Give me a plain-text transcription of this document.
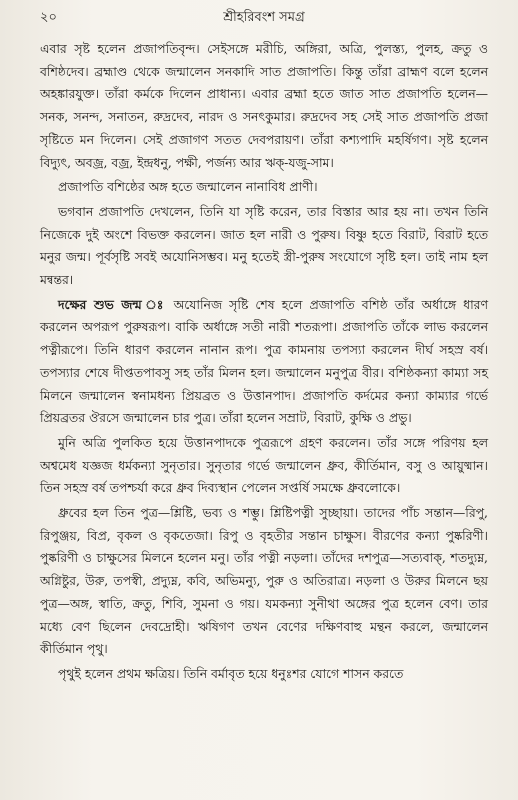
২০	শ্রীহরিবংশ সমগ্র

এবার সৃষ্ট হলেন প্রজাপতিবৃন্দ। সেইসঙ্গে মরীচি, অঙ্গিরা, অত্রি, পুলস্ত্য, পুলহ, ক্রতু ও বশিষ্ঠদেব। ব্রহ্মাণ্ড থেকে জন্মালেন সনকাদি সাত প্রজাপতি। কিন্তু তাঁরা ব্রাহ্মণ বলে হলেন অহঙ্কারযুক্ত। তাঁরা কর্মকে দিলেন প্রাধান্য। এবার ব্রহ্মা হতে জাত সাত প্রজাপতি হলেন—সনক, সনন্দ, সনাতন, রুদ্রদেব, নারদ ও সনৎকুমার। রুদ্রদেব সহ সেই সাত প্রজাপতি প্রজা সৃষ্টিতে মন দিলেন। সেই প্রজাগণ সতত দেবপরায়ণ। তাঁরা কশ্যপাদি মহর্ষিগণ। সৃষ্ট হলেন বিদ্যুৎ, অবজ্র, বজ্র, ইন্দ্রধনু, পক্ষী, পর্জন্য আর ঋক্‌-যজু-সাম।

প্রজাপতি বশিষ্ঠের অঙ্গ হতে জন্মালেন নানাবিধ প্রাণী।

ভগবান প্রজাপতি দেখলেন, তিনি যা সৃষ্টি করেন, তার বিস্তার আর হয় না। তখন তিনি নিজেকে দুই অংশে বিভক্ত করলেন। জাত হল নারী ও পুরুষ। বিষ্ণু হতে বিরাট, বিরাট হতে মনুর জন্ম। পূর্বসৃষ্টি সবই অযোনিসম্ভব। মনু হতেই স্ত্রী-পুরুষ সংযোগে সৃষ্টি হল। তাই নাম হল মন্বন্তর।

দক্ষের শুভ জন্ম ঃ অযোনিজ সৃষ্টি শেষ হলে প্রজাপতি বশিষ্ঠ তাঁর অর্ধাঙ্গে ধারণ করলেন অপরূপ পুরুষরূপ। বাকি অর্ধাঙ্গে সতী নারী শতরূপা। প্রজাপতি তাঁকে লাভ করলেন পত্নীরূপে। তিনি ধারণ করলেন নানান রূপ। পুত্র কামনায় তপস্যা করলেন দীর্ঘ সহস্র বর্ষ। তপস্যার শেষে দীপ্ততপাবসু সহ তাঁর মিলন হল। জন্মালেন মনুপুত্র বীর। বশিষ্ঠকন্যা কাম্যা সহ মিলনে জন্মালেন স্বনামধন্য প্রিয়ব্রত ও উত্তানপাদ। প্রজাপতি কর্দমের কন্যা কাম্যার গর্ভে প্রিয়ব্রতর ঔরসে জন্মালেন চার পুত্র। তাঁরা হলেন সম্রাট, বিরাট, কুক্ষি ও প্রভু।

মুনি অত্রি পুলকিত হয়ে উত্তানপাদকে পুত্ররূপে গ্রহণ করলেন। তাঁর সঙ্গে পরিণয় হল অশ্বমেধ যজ্ঞজ ধর্মকন্যা সুনৃতার। সুনৃতার গর্ভে জন্মালেন ধ্রুব, কীর্তিমান, বসু ও আয়ুষ্মান। তিন সহস্র বর্ষ তপশ্চর্যা করে ধ্রুব দিব্যস্থান পেলেন সপ্তর্ষি সমক্ষে ধ্রুবলোকে।

ধ্রুবের হল তিন পুত্র—শ্লিষ্টি, ভব্য ও শম্ভু। শ্লিষ্টিপত্নী সুচ্ছায়া। তাদের পাঁচ সন্তান—রিপু, রিপুঞ্জয়, বিপ্র, বৃকল ও বৃকতেজা। রিপু ও বৃহতীর সন্তান চাক্ষুস। বীরণের কন্যা পুষ্করিণী। পুষ্করিণী ও চাক্ষুসের মিলনে হলেন মনু। তাঁর পত্নী নড়লা। তাঁদের দশপুত্র—সত্যবাক্‌, শতদ্যুম্ন, অগ্নিষ্টুর, উরু, তপস্বী, প্রদ্যুম্ন, কবি, অভিমন্যু, পুরু ও অতিরাত্র। নড়লা ও উরুর মিলনে ছয় পুত্র—অঙ্গ, স্বাতি, ক্রতু, শিবি, সুমনা ও গয়। যমকন্যা সুনীথা অঙ্গের পুত্র হলেন বেণ। তার মধ্যে বেণ ছিলেন দেবদ্রোহী। ঋষিগণ তখন বেণের দক্ষিণবাহু মন্থন করলে, জন্মালেন কীর্তিমান পৃথু।

পৃথুই হলেন প্রথম ক্ষত্রিয়। তিনি বর্মাবৃত হয়ে ধনুঃশর যোগে শাসন করতে
